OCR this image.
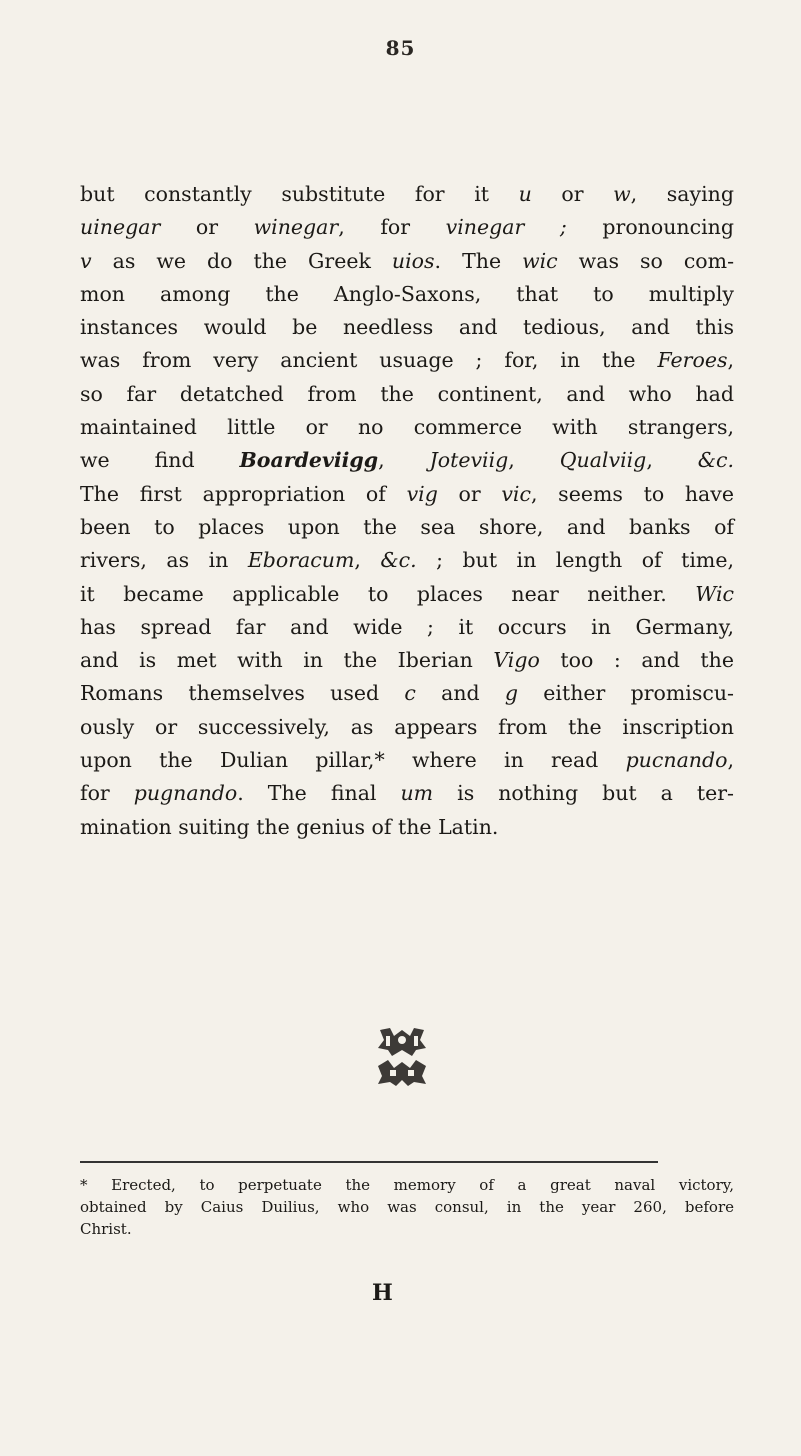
85
but constantly substitute for it u or w, saying
uinegar or winegar, for vinegar ; pronouncing
v as we do the Greek uios. The wic was so com-
mon among the Anglo-Saxons, that to multiply
instances would be needless and tedious, and this
was from very ancient usuage ; for, in the Feroes,
so far detatched from the continent, and who had
maintained little or no commerce with strangers,
we find Boardeviigg, Joteviig, Qualviig, &c.
The first appropriation of vig or vic, seems to have
been to places upon the sea shore, and banks of
rivers, as in Eboracum, &c. ; but in length of time,
it became applicable to places near neither. Wic
has spread far and wide ; it occurs in Germany,
and is met with in the Iberian Vigo too : and the
Romans themselves used c and g either promiscu-
ously or successively, as appears from the inscription
upon the Dulian pillar,* where in read pucnando,
for pugnando. The final um is nothing but a ter-
mination suiting the genius of the Latin.
* Erected, to perpetuate the memory of a great naval victory,
obtained by Caius Duilius, who was consul, in the year 260, before
Christ.
H
